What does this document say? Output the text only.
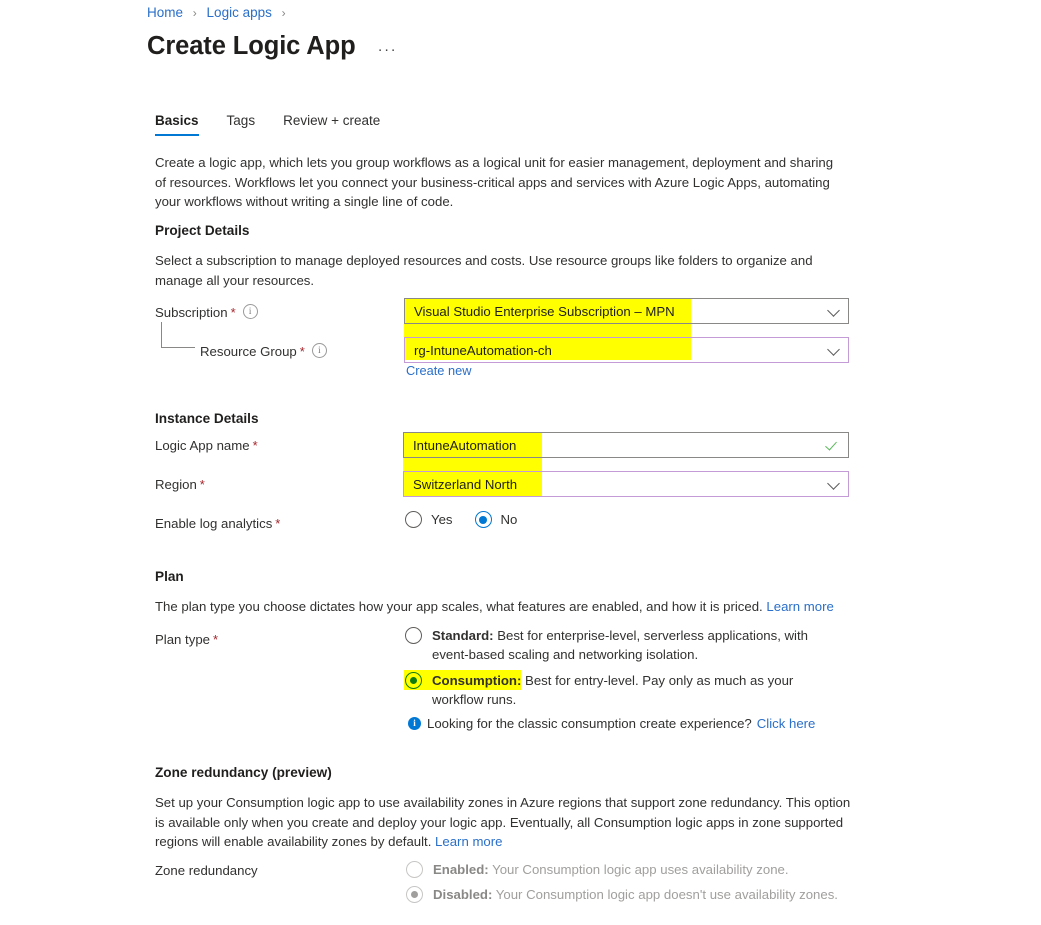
Home › Logic apps ›
Create Logic App ···
Basics Tags Review + create
Create a logic app, which lets you group workflows as a logical unit for easier management, deployment and sharing of resources. Workflows let you connect your business-critical apps and services with Azure Logic Apps, automating your workflows without writing a single line of code.
Project Details
Select a subscription to manage deployed resources and costs. Use resource groups like folders to organize and manage all your resources.
Subscription * i	Visual Studio Enterprise Subscription – MPN
Resource Group * i	rg-IntuneAutomation-ch
Create new
Instance Details
Logic App name *	IntuneAutomation
Region *	Switzerland North
Enable log analytics *	Yes	No
Plan
The plan type you choose dictates how your app scales, what features are enabled, and how it is priced. Learn more
Plan type *	Standard: Best for enterprise-level, serverless applications, with event-based scaling and networking isolation.
Consumption: Best for entry-level. Pay only as much as your workflow runs.
i
Looking for the classic consumption create experience? Click here
Zone redundancy (preview)
Set up your Consumption logic app to use availability zones in Azure regions that support zone redundancy. This option is available only when you create and deploy your logic app. Eventually, all Consumption logic apps in zone supported regions will enable availability zones by default. Learn more
Zone redundancy	Enabled: Your Consumption logic app uses availability zone.
Disabled: Your Consumption logic app doesn't use availability zones.
